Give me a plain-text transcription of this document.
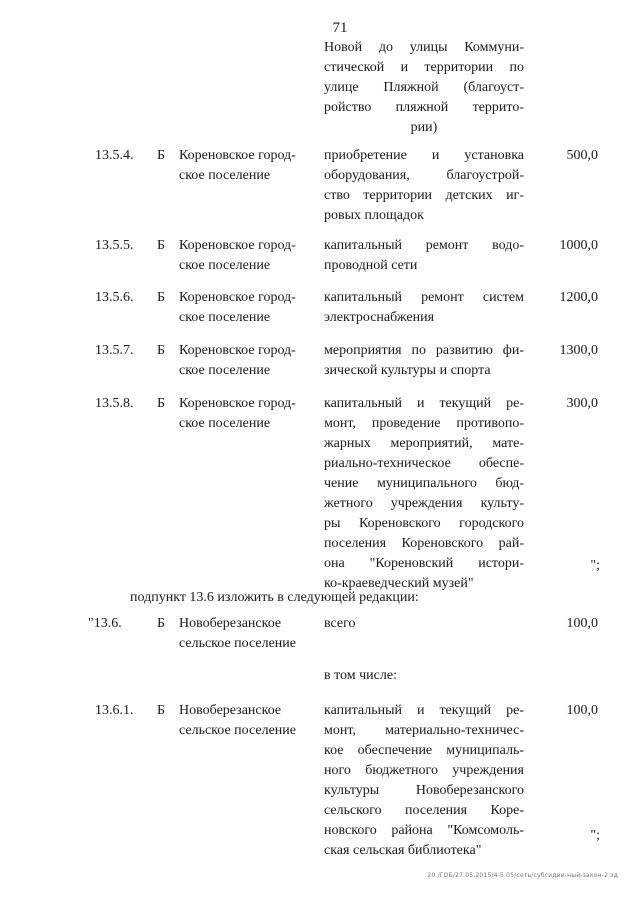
71
Новой до улицы Коммуни-
стической и территории по
улице Пляжной (благоуст-
ройство пляжной террито-
рии)
13.5.4. Б Кореновское город-
ское поселение
приобретение и установка
оборудования, благоустрой-
ство территории детских иг-
ровых площадок
500,0
13.5.5. Б Кореновское город-
ское поселение
капитальный ремонт водо-
проводной сети
1000,0
13.5.6. Б Кореновское город-
ское поселение
капитальный ремонт систем
электроснабжения
1200,0
13.5.7. Б Кореновское город-
ское поселение
мероприятия по развитию фи-
зической культуры и спорта
1300,0
13.5.8. Б Кореновское город-
ское поселение
капитальный и текущий ре-
монт, проведение противопо-
жарных мероприятий, мате-
риально-техническое обеспе-
чение муниципального бюд-
жетного учреждения культу-
ры Кореновского городского
поселения Кореновского рай-
она "Кореновский истори-
ко-краеведческий музей"
300,0
";
подпункт 13.6 изложить в следующей редакции:
"13.6.	Б Новоберезанское
сельское поселение
всего	100,0
в том числе:
13.6.1. Б Новоберезанское
сельское поселение
капитальный и текущий ре-
монт, материально-техничес-
кое обеспечение муниципаль-
ного бюджетного учреждения
культуры Новоберезанского
сельского поселения Коре-
новского района "Комсомоль-
ская сельская библиотека"
100,0
";
20 /ГОБ/27.05.2015/4-5 05/сеть/субсидии-ный-закон-2.зд
